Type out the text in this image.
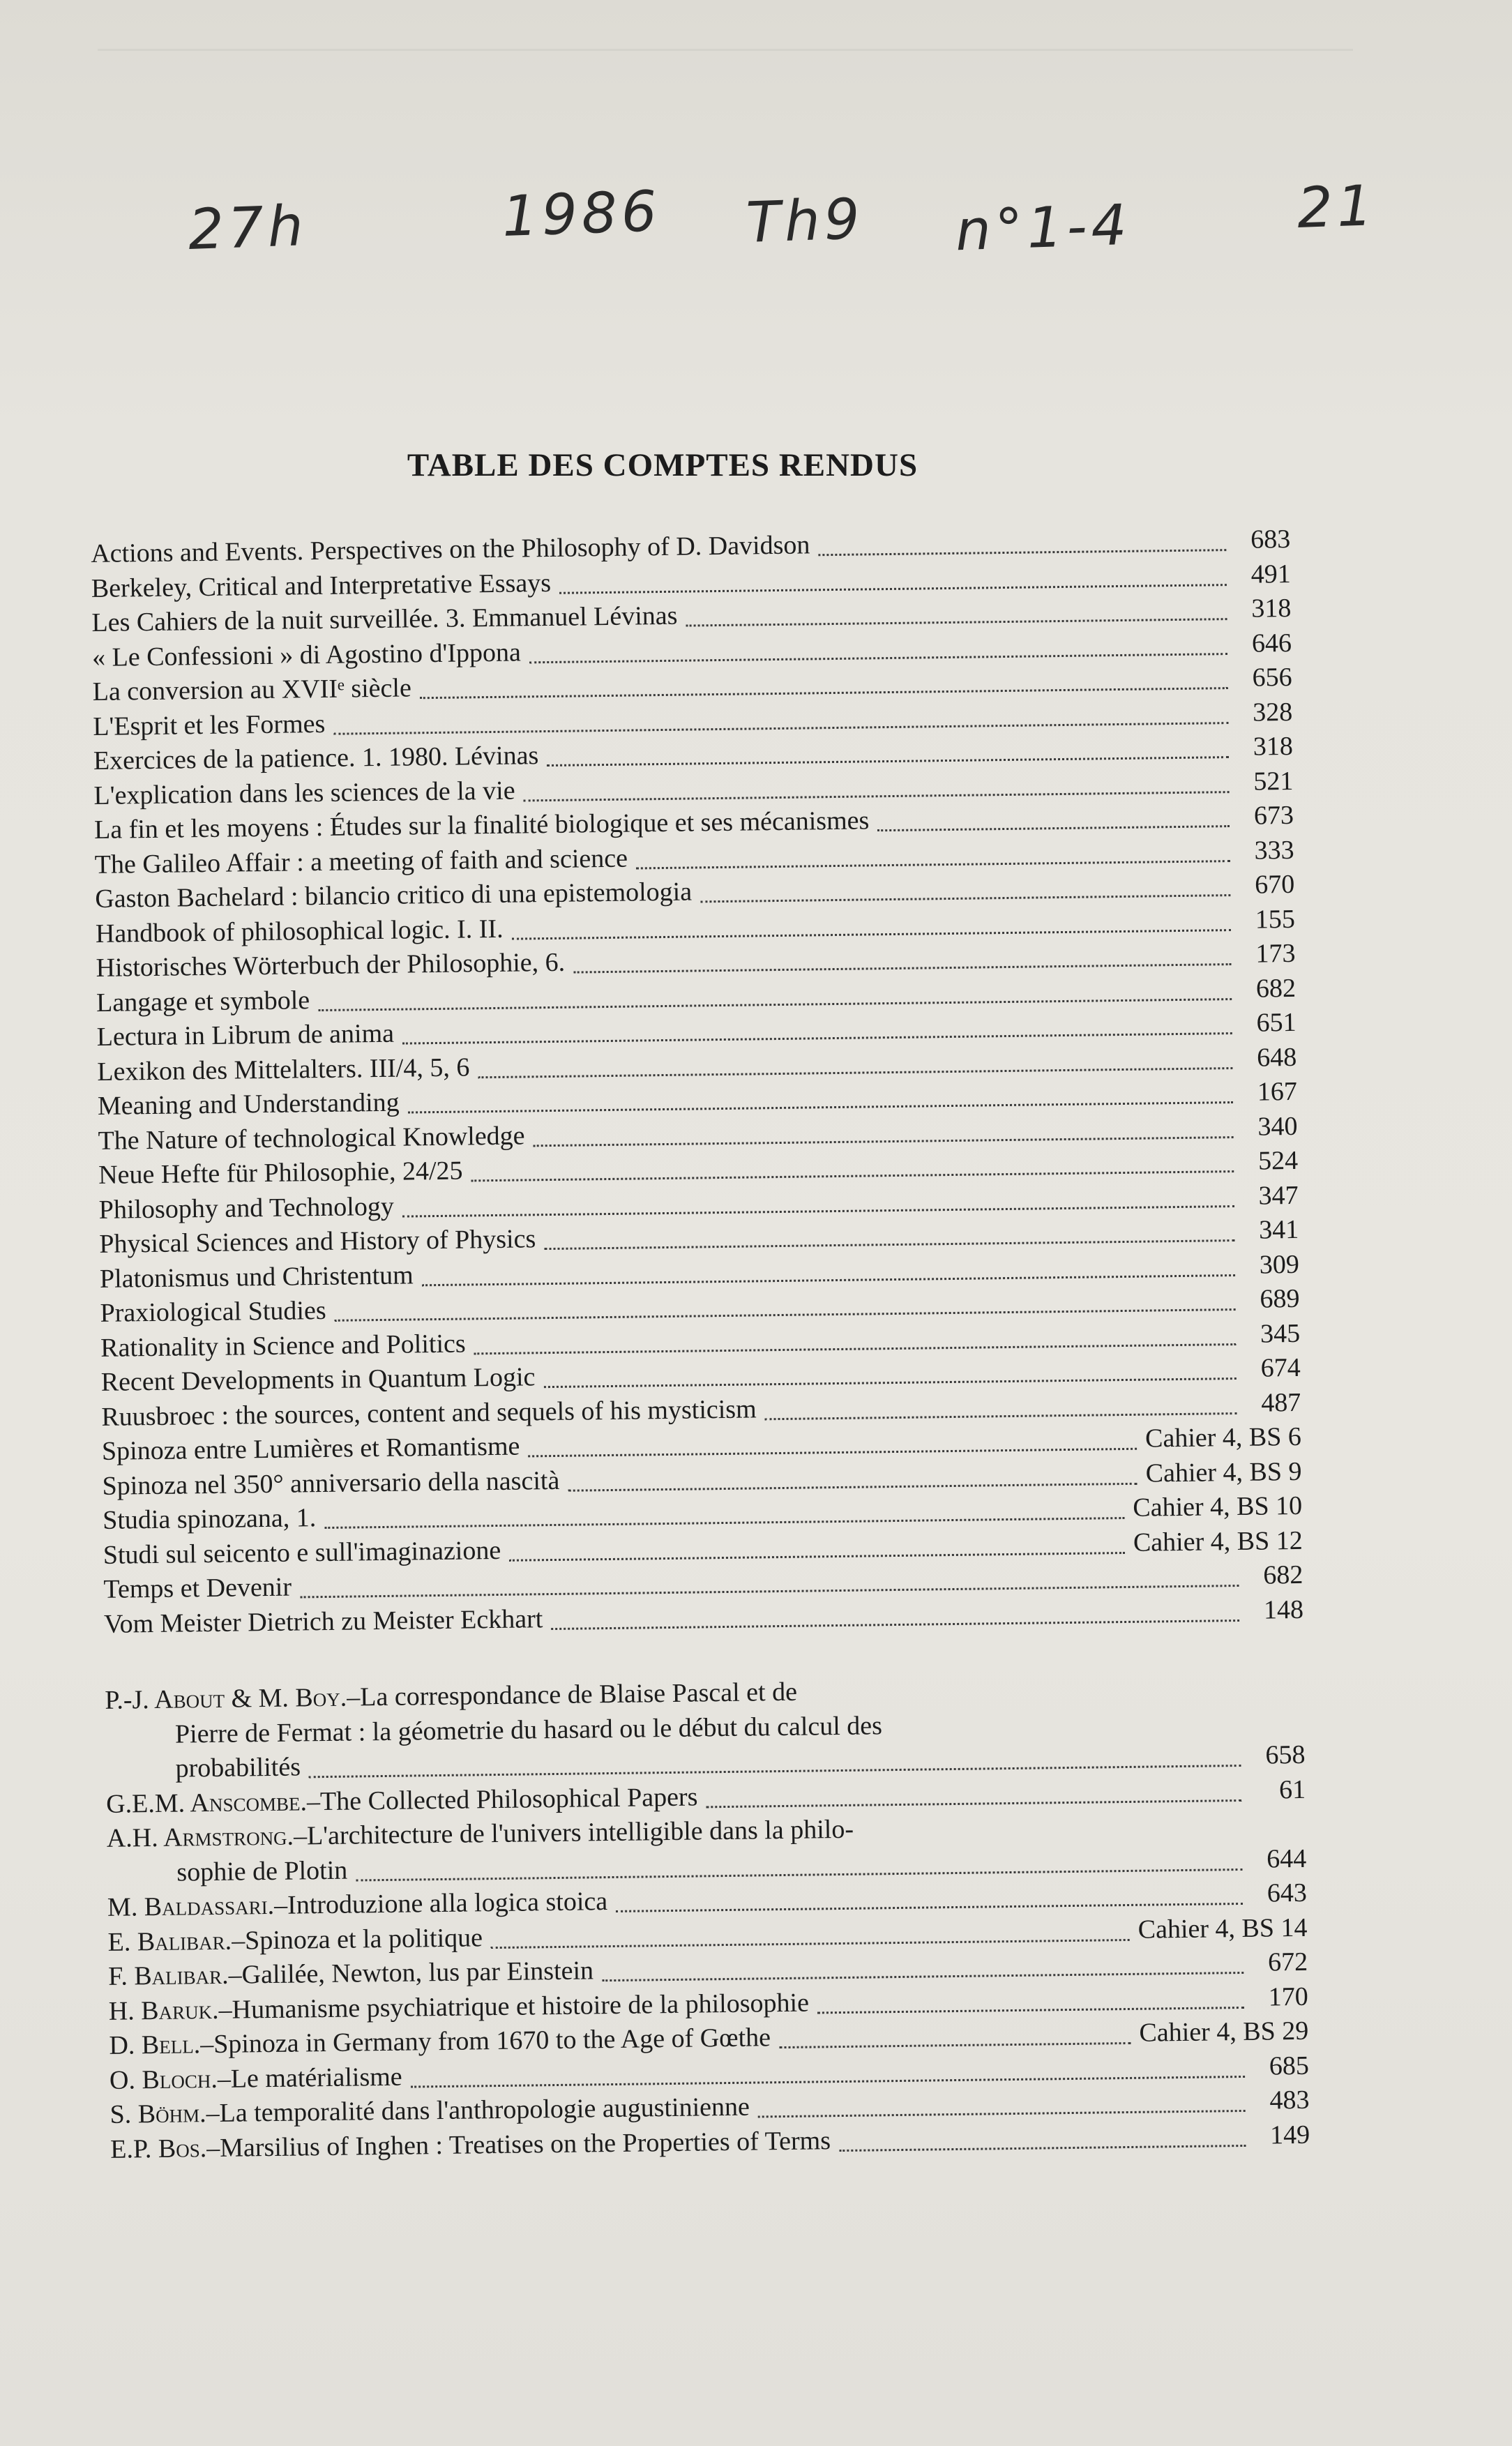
27h	1986 Th9 n°1-4	21
TABLE DES COMPTES RENDUS
Actions and Events. Perspectives on the Philosophy of D. Davidson	683
Berkeley, Critical and Interpretative Essays	491
Les Cahiers de la nuit surveillée. 3. Emmanuel Lévinas	318
« Le Confessioni » di Agostino d'Ippona	646
La conversion au XVIIᵉ siècle	656
L'Esprit et les Formes	328
Exercices de la patience. 1. 1980. Lévinas	318
L'explication dans les sciences de la vie	521
La fin et les moyens : Études sur la finalité biologique et ses mécanismes	673
The Galileo Affair : a meeting of faith and science	333
Gaston Bachelard : bilancio critico di una epistemologia	670
Handbook of philosophical logic. I. II.	155
Historisches Wörterbuch der Philosophie, 6.	173
Langage et symbole	682
Lectura in Librum de anima	651
Lexikon des Mittelalters. III/4, 5, 6	648
Meaning and Understanding	167
The Nature of technological Knowledge	340
Neue Hefte für Philosophie, 24/25	524
Philosophy and Technology	347
Physical Sciences and History of Physics	341
Platonismus und Christentum	309
Praxiological Studies	689
Rationality in Science and Politics	345
Recent Developments in Quantum Logic	674
Ruusbroec : the sources, content and sequels of his mysticism	487
Spinoza entre Lumières et Romantisme	Cahier 4, BS 6
Spinoza nel 350° anniversario della nascità	Cahier 4, BS 9
Studia spinozana, 1.	Cahier 4, BS 10
Studi sul seicento e sull'imaginazione	Cahier 4, BS 12
Temps et Devenir	682
Vom Meister Dietrich zu Meister Eckhart	148
P.-J. About & M. Boy. – La correspondance de Blaise Pascal et de
Pierre de Fermat : la géometrie du hasard ou le début du calcul des
probabilités	658
G.E.M. Anscombe. – The Collected Philosophical Papers	61
A.H. Armstrong. – L'architecture de l'univers intelligible dans la philo-
sophie de Plotin	644
M. Baldassari. – Introduzione alla logica stoica	643
E. Balibar. – Spinoza et la politique	Cahier 4, BS 14
F. Balibar. – Galilée, Newton, lus par Einstein	672
H. Baruk. – Humanisme psychiatrique et histoire de la philosophie	170
D. Bell. – Spinoza in Germany from 1670 to the Age of Gœthe	Cahier 4, BS 29
O. Bloch. – Le matérialisme	685
S. Böhm. – La temporalité dans l'anthropologie augustinienne	483
E.P. Bos. – Marsilius of Inghen : Treatises on the Properties of Terms	149
